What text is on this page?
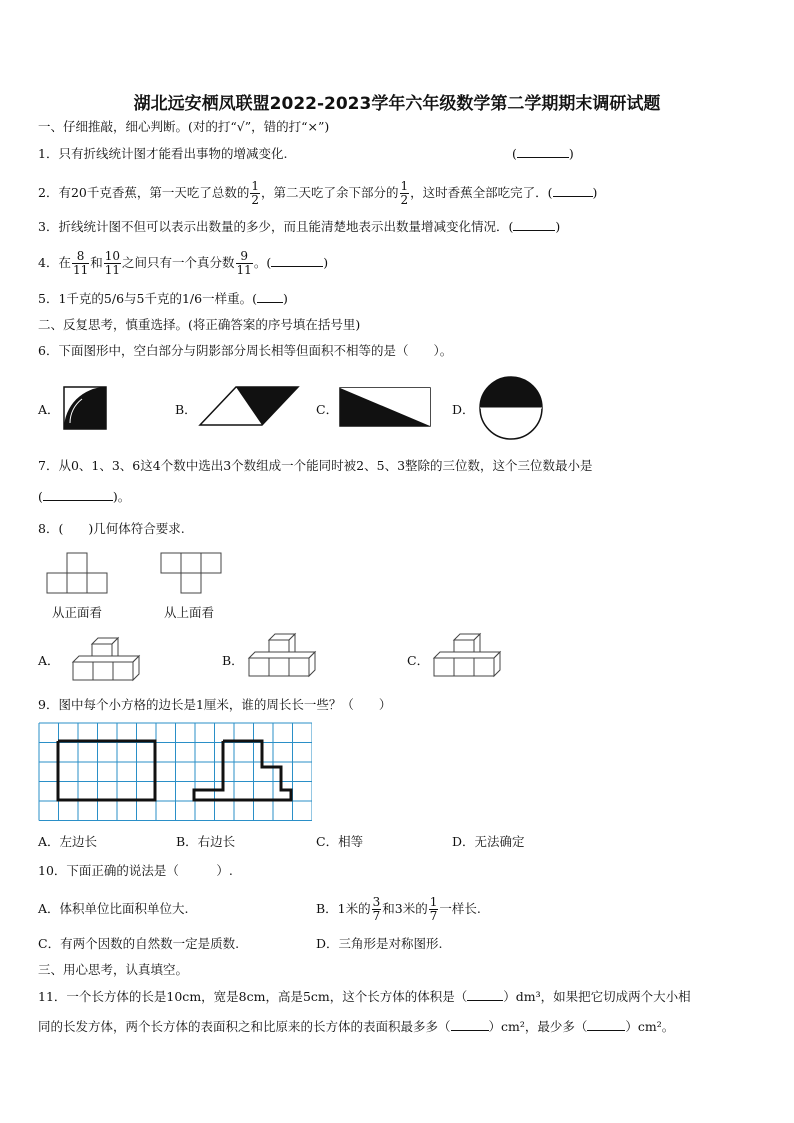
湖北远安栖凤联盟2022-2023学年六年级数学第二学期期末调研试题
一、仔细推敲，细心判断。(对的打“√”，错的打“×”)
1．只有折线统计图才能看出事物的增减变化.	(	)
2．有20千克香蕉，第一天吃了总数的 $\frac{1}{2}$ ，第二天吃了余下部分的 $\frac{1}{2}$ ，这时香蕉全部吃完了．(	)
3．折线统计图不但可以表示出数量的多少，而且能清楚地表示出数量增减变化情况．(	)
4．在 $\frac{8}{11}$ 和 $\frac{10}{11}$ 之间只有一个真分数 $\frac{9}{11}$ 。(	)
5．1千克的5/6与5千克的1/6一样重。( )
二、反复思考，慎重选择。(将正确答案的序号填在括号里)
6．下面图形中，空白部分与阴影部分周长相等但面积不相等的是（　　）。
A．	B．	C．	D．
7．从0、1、3、6这4个数中选出3个数组成一个能同时被2、5、3整除的三位数，这个三位数最小是
(	)。
8．(　　)几何体符合要求.
从正面看	从上面看
A．	B．	C．
9．图中每个小方格的边长是1厘米，谁的周长长一些？（　　）
A．左边长	B．右边长	C．相等	D．无法确定
10．下面正确的说法是（　　　）.
A．体积单位比面积单位大.	B．1米的 $\frac{3}{7}$ 和3米的 $\frac{1}{7}$ 一样长.
C．有两个因数的自然数一定是质数.	D．三角形是对称图形.
三、用心思考，认真填空。
11．一个长方体的长是10cm，宽是8cm，高是5cm，这个长方体的体积是（	）dm³，如果把它切成两个大小相
同的长发方体，两个长方体的表面积之和比原来的长方体的表面积最多多（	）cm²，最少多（	）cm²。
